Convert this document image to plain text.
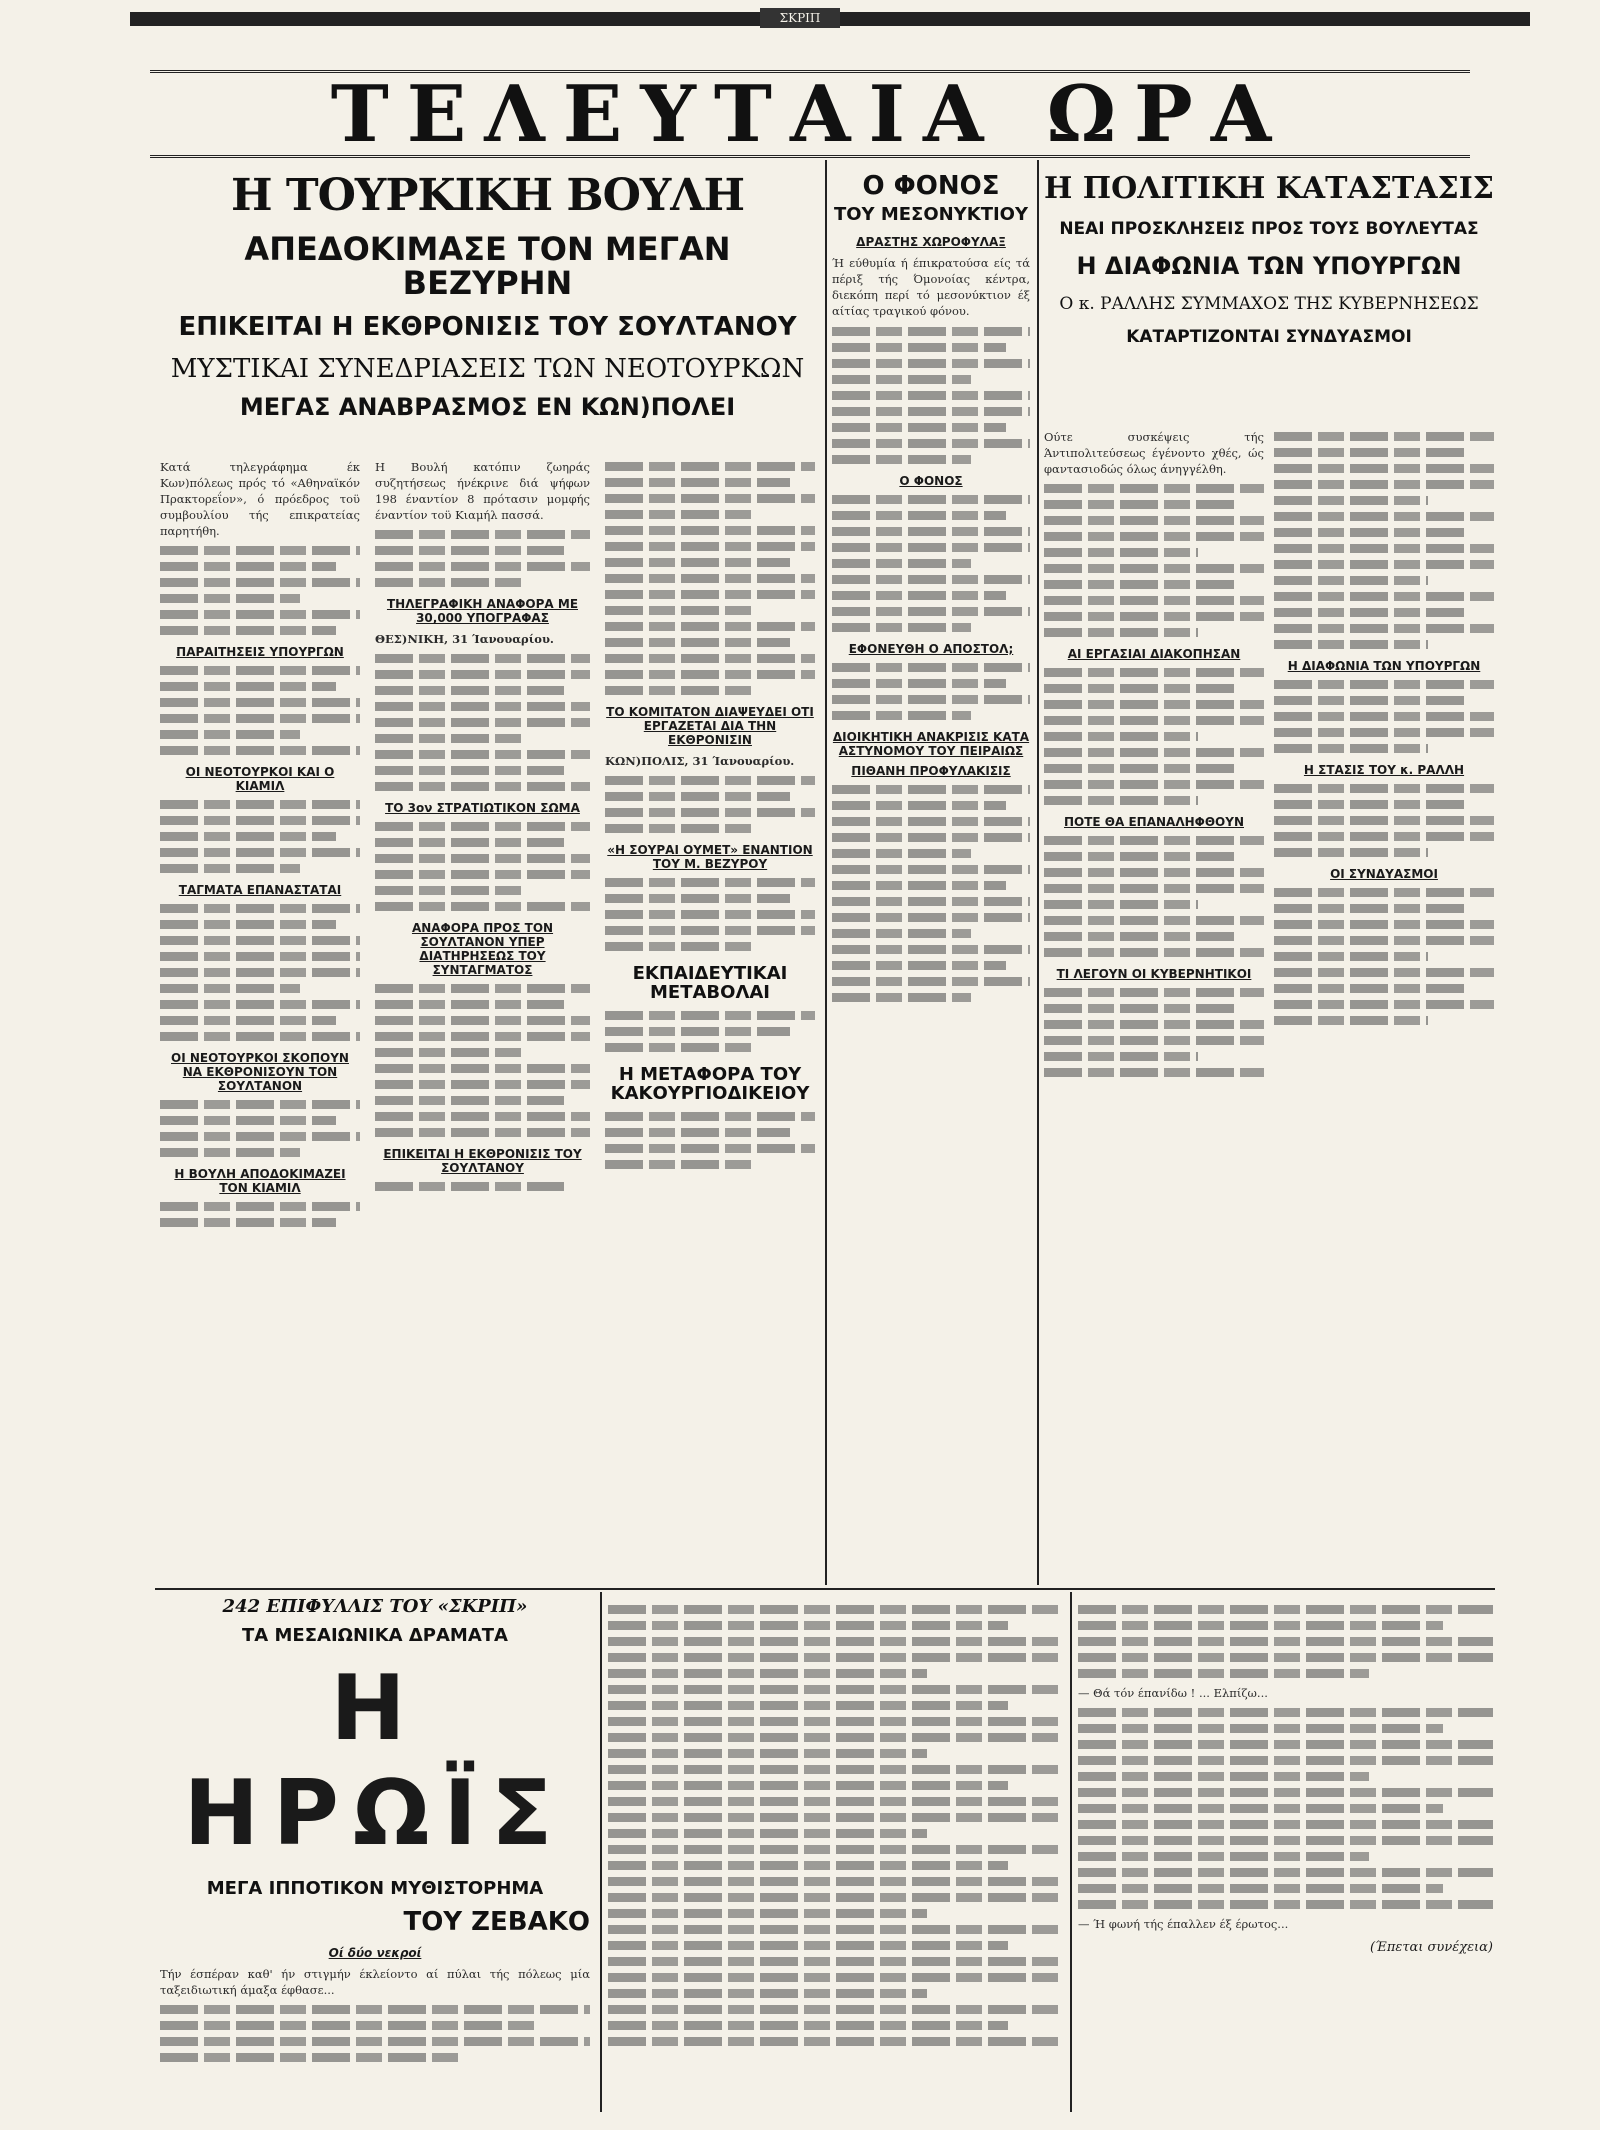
ΣΚΡΙΠ
ΤΕΛΕΥΤΑΙΑ ΩΡΑ

Η ΤΟΥΡΚΙΚΗ ΒΟΥΛΗ

ΑΠΕΔΟΚΙΜΑΣΕ ΤΟΝ ΜΕΓΑΝ ΒΕΖΥΡΗΝ

ΕΠΙΚΕΙΤΑΙ Η ΕΚΘΡΟΝΙΣΙΣ ΤΟΥ ΣΟΥΛΤΑΝΟΥ

ΜΥΣΤΙΚΑΙ ΣΥΝΕΔΡΙΑΣΕΙΣ ΤΩΝ ΝΕΟΤΟΥΡΚΩΝ

ΜΕΓΑΣ ΑΝΑΒΡΑΣΜΟΣ ΕΝ ΚΩΝ)ΠΟΛΕΙ

Κατά τηλεγράφημα έκ Κων)πόλεως πρός τό «Αθηναϊκόν Πρακτορεΐον», ό πρόεδρος τοϋ συμβουλίου τής επικρατείας παρητήθη.

ΠΑΡΑΙΤΗΣΕΙΣ ΥΠΟΥΡΓΩΝ

ΟΙ ΝΕΟΤΟΥΡΚΟΙ ΚΑΙ Ο ΚΙΑΜΙΛ

ΤΑΓΜΑΤΑ ΕΠΑΝΑΣΤΑΤΑΙ

ΟΙ ΝΕΟΤΟΥΡΚΟΙ ΣΚΟΠΟΥΝ ΝΑ ΕΚΘΡΟΝΙΣΟΥΝ ΤΟΝ ΣΟΥΛΤΑΝΟΝ

Η ΒΟΥΛΗ ΑΠΟΔΟΚΙΜΑΖΕΙ ΤΟΝ ΚΙΑΜΙΛ

Η Βουλή κατόπιν ζωηράς συζητήσεως ήνέκρινε διά ψήφων 198 έναντίον 8 πρότασιν μομφής έναντίον τοϋ Κιαμήλ πασσά.

ΤΗΛΕΓΡΑΦΙΚΗ ΑΝΑΦΟΡΑ ΜΕ 30,000 ΥΠΟΓΡΑΦΑΣ

ΘΕΣ)ΝΙΚΗ, 31 Ίανουαρίου.

ΤΟ 3ον ΣΤΡΑΤΙΩΤΙΚΟΝ ΣΩΜΑ

ΑΝΑΦΟΡΑ ΠΡΟΣ ΤΟΝ ΣΟΥΛΤΑΝΟΝ ΥΠΕΡ ΔΙΑΤΗΡΗΣΕΩΣ ΤΟΥ ΣΥΝΤΑΓΜΑΤΟΣ

ΕΠΙΚΕΙΤΑΙ Η ΕΚΘΡΟΝΙΣΙΣ ΤΟΥ ΣΟΥΛΤΑΝΟΥ

ΤΟ ΚΟΜΙΤΑΤΟΝ ΔΙΑΨΕΥΔΕΙ ΟΤΙ ΕΡΓΑΖΕΤΑΙ ΔΙΑ ΤΗΝ ΕΚΘΡΟΝΙΣΙΝ

ΚΩΝ)ΠΟΛΙΣ, 31 Ίανουαρίου.

«Η ΣΟΥΡΑΙ ΟΥΜΕΤ» ΕΝΑΝΤΙΟΝ ΤΟΥ Μ. ΒΕΖΥΡΟΥ

ΕΚΠΑΙΔΕΥΤΙΚΑΙ ΜΕΤΑΒΟΛΑΙ

Η ΜΕΤΑΦΟΡΑ ΤΟΥ ΚΑΚΟΥΡΓΙΟΔΙΚΕΙΟΥ

Ο ΦΟΝΟΣ

ΤΟΥ ΜΕΣΟΝΥΚΤΙΟΥ

ΔΡΑΣΤΗΣ ΧΩΡΟΦΥΛΑΞ

Ή εύθυμία ή έπικρατούσα είς τά πέριξ τής Όμονοίας κέντρα, διεκόπη περί τό μεσονύκτιον έξ αίτίας τραγικού φόνου.

Ο ΦΟΝΟΣ

ΕΦΟΝΕΥΘΗ Ο ΑΠΟΣΤΟΛ;

ΔΙΟΙΚΗΤΙΚΗ ΑΝΑΚΡΙΣΙΣ ΚΑΤΑ ΑΣΤΥΝΟΜΟΥ ΤΟΥ ΠΕΙΡΑΙΩΣ

ΠΙΘΑΝΗ ΠΡΟΦΥΛΑΚΙΣΙΣ

Η ΠΟΛΙΤΙΚΗ ΚΑΤΑΣΤΑΣΙΣ

ΝΕΑΙ ΠΡΟΣΚΛΗΣΕΙΣ ΠΡΟΣ ΤΟΥΣ ΒΟΥΛΕΥΤΑΣ

Η ΔΙΑΦΩΝΙΑ ΤΩΝ ΥΠΟΥΡΓΩΝ

Ο κ. ΡΑΛΛΗΣ ΣΥΜΜΑΧΟΣ ΤΗΣ ΚΥΒΕΡΝΗΣΕΩΣ

ΚΑΤΑΡΤΙΖΟΝΤΑΙ ΣΥΝΔΥΑΣΜΟΙ

Ούτε συσκέψεις τής Άντιπολιτεύσεως έγένοντο χθές, ώς φαντασιοδώς όλως άνηγγέλθη.

ΑΙ ΕΡΓΑΣΙΑΙ ΔΙΑΚΟΠΗΣΑΝ

ΠΟΤΕ ΘΑ ΕΠΑΝΑΛΗΦΘΟΥΝ

ΤΙ ΛΕΓΟΥΝ ΟΙ ΚΥΒΕΡΝΗΤΙΚΟΙ

Η ΔΙΑΦΩΝΙΑ ΤΩΝ ΥΠΟΥΡΓΩΝ

Η ΣΤΑΣΙΣ ΤΟΥ κ. ΡΑΛΛΗ

ΟΙ ΣΥΝΔΥΑΣΜΟΙ

242 ΕΠΙΦΥΛΛΙΣ ΤΟΥ «ΣΚΡΙΠ»

ΤΑ ΜΕΣΑΙΩΝΙΚΑ ΔΡΑΜΑΤΑ

Η ΗΡΩΪΣ

ΜΕΓΑ ΙΠΠΟΤΙΚΟΝ ΜΥΘΙΣΤΟΡΗΜΑ

ΤΟΥ ΖΕΒΑΚΟ

Οί δύο νεκροί

Τήν έσπέραν καθ' ήν στιγμήν έκλείοντο αί πύλαι τής πόλεως μία ταξειδιωτική άμαξα έφθασε...

— Θά τόν έπανίδω ! ... Ελπίζω...

— Ή φωνή τής έπαλλεν έξ έρωτος...

(Έπεται συνέχεια)
